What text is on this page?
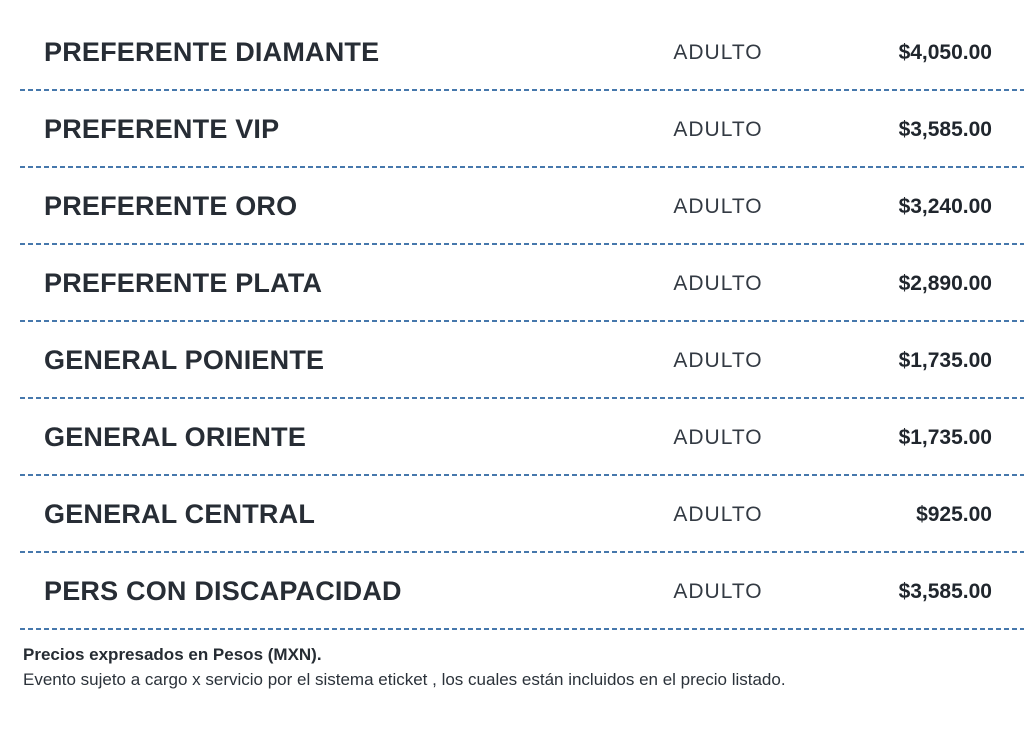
PREFERENTE DIAMANTE	ADULTO	$4,050.00
PREFERENTE VIP	ADULTO	$3,585.00
PREFERENTE ORO	ADULTO	$3,240.00
PREFERENTE PLATA	ADULTO	$2,890.00
GENERAL PONIENTE	ADULTO	$1,735.00
GENERAL ORIENTE	ADULTO	$1,735.00
GENERAL CENTRAL	ADULTO	$925.00
PERS CON DISCAPACIDAD	ADULTO	$3,585.00

Precios expresados en Pesos (MXN).

Evento sujeto a cargo x servicio por el sistema eticket , los cuales están incluidos en el precio listado.
